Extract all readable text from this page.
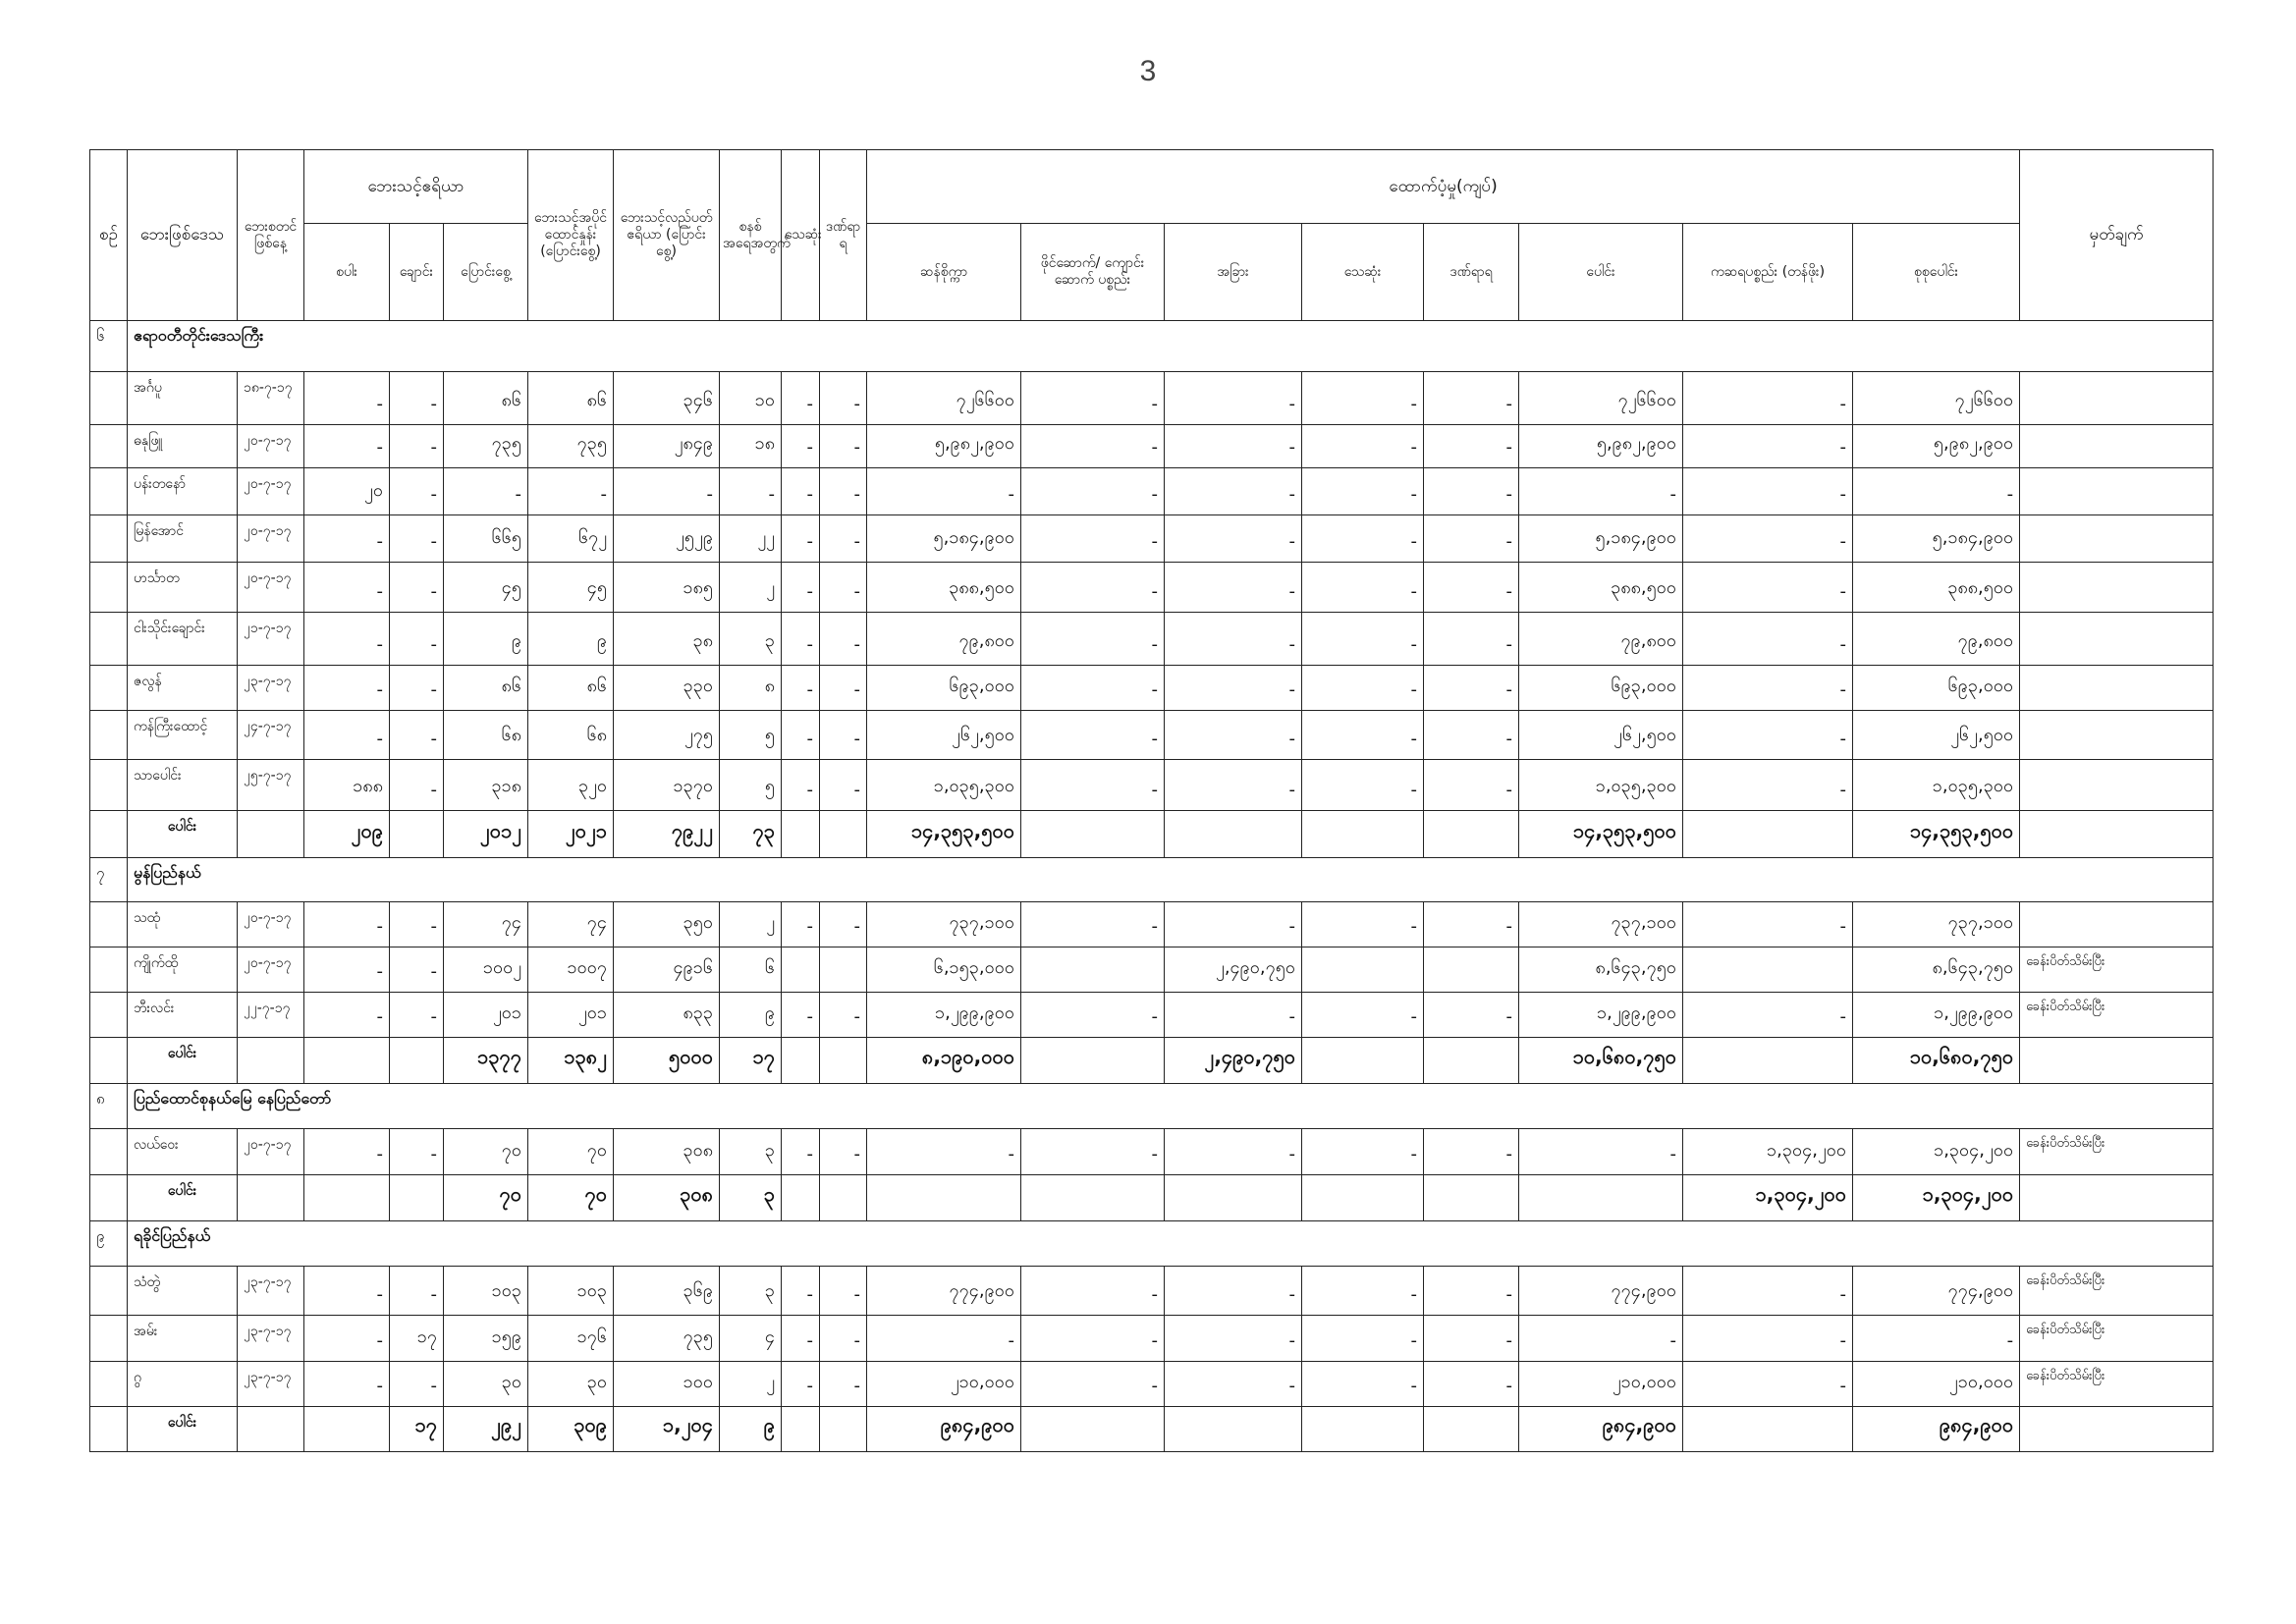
3
စဉ်	ဘေးဖြစ်ဒေသ	ဘေးစတင်ဖြစ်နေ့	ဘေးသင့်ဧရိယာ			ဘေးသင့်အပိုင်ထောင်နှုန်း (ပြောင်းစွေ့)	ဘေးသင့်လည်ပတ်ဧရိယာ (ပြောင်းစွေ့)	စနစ်အရေအတွက်	သေဆုံး	ဒဏ်ရာရ	ထောက်ပံ့မှု(ကျပ်)								မှတ်ချက်
			စပါး	ချောင်း	ပြောင်းစွေ့						ဆန်စိုက္ကာ	ဖိုင်ဆောက်/ ကျောင်းဆောက် ပစ္စည်း	အခြား	သေဆုံး	ဒဏ်ရာရ	ပေါင်း	ကဆရပစ္စည်း (တန်ဖိုး)	စုစုပေါင်း	
၆	ဧရာဝတီတိုင်းဒေသကြီး																		
	အင်္ဂပူ	၁၈-၇-၁၇	-	-	၈၆	၈၆	၃၄၆	၁၀	-	-	၇၂၆၆၀၀	-	-	-	-	၇၂၆၆၀၀	-	၇၂၆၆၀၀	
	ဓနုဖြူ	၂၀-၇-၁၇	-	-	၇၃၅	၇၃၅	၂၈၄၉	၁၈	-	-	၅,၉၈၂,၉၀၀	-	-	-	-	၅,၉၈၂,၉၀၀	-	၅,၉၈၂,၉၀၀	
	ပန်းတနော်	၂၀-၇-၁၇	၂၀	-	-	-	-	-	-	-	-	-	-	-	-	-	-	-	
	မြန်အောင်	၂၀-၇-၁၇	-	-	၆၆၅	၆၇၂	၂၅၂၉	၂၂	-	-	၅,၁၈၄,၉၀၀	-	-	-	-	၅,၁၈၄,၉၀၀	-	၅,၁၈၄,၉၀၀	
	ဟင်္သာတ	၂၀-၇-၁၇	-	-	၄၅	၄၅	၁၈၅	၂	-	-	၃၈၈,၅၀၀	-	-	-	-	၃၈၈,၅၀၀	-	၃၈၈,၅၀၀	
	ငါးသိုင်းချောင်း	၂၁-၇-၁၇	-	-	၉	၉	၃၈	၃	-	-	၇၉,၈၀၀	-	-	-	-	၇၉,၈၀၀	-	၇၉,၈၀၀	
	ဇလွန်	၂၃-၇-၁၇	-	-	၈၆	၈၆	၃၃၀	၈	-	-	၆၉၃,၀၀၀	-	-	-	-	၆၉၃,၀၀၀	-	၆၉၃,၀၀၀	
	ကန်ကြီးထောင့်	၂၄-၇-၁၇	-	-	၆၈	၆၈	၂၇၅	၅	-	-	၂၆၂,၅၀၀	-	-	-	-	၂၆၂,၅၀၀	-	၂၆၂,၅၀၀	
	သာပေါင်း	၂၅-၇-၁၇	၁၈၈	-	၃၁၈	၃၂၀	၁၃၇၀	၅	-	-	၁,၀၃၅,၃၀၀	-	-	-	-	၁,၀၃၅,၃၀၀	-	၁,၀၃၅,၃၀၀	
	ပေါင်း		၂၀၉		၂၀၁၂	၂၀၂၁	၇၉၂၂	၇၃			၁၄,၃၅၃,၅၀၀					၁၄,၃၅၃,၅၀၀		၁၄,၃၅၃,၅၀၀	
၇	မွန်ပြည်နယ်																		
	သထုံ	၂၀-၇-၁၇	-	-	၇၄	၇၄	၃၅၀	၂	-	-	၇၃၇,၁၀၀	-	-	-	-	၇၃၇,၁၀၀	-	၇၃၇,၁၀၀	
	ကျိုက်ထို	၂၀-၇-၁၇	-	-	၁၀၀၂	၁၀၀၇	၄၉၁၆	၆			၆,၁၅၃,၀၀၀		၂,၄၉၀,၇၅၀			၈,၆၄၃,၇၅၀		၈,၆၄၃,၇၅၀	ခေန်းပိတ်သိမ်းပြီး
	ဘီးလင်း	၂၂-၇-၁၇	-	-	၂၀၁	၂၀၁	၈၃၃	၉	-	-	၁,၂၉၉,၉၀၀	-	-	-	-	၁,၂၉၉,၉၀၀	-	၁,၂၉၉,၉၀၀	ခေန်းပိတ်သိမ်းပြီး
	ပေါင်း				၁၃၇၇	၁၃၈၂	၅၀၀၀	၁၇			၈,၁၉၀,၀၀၀		၂,၄၉၀,၇၅၀			၁၀,၆၈၀,၇၅၀		၁၀,၆၈၀,၇၅၀	
၈	ပြည်ထောင်စုနယ်မြေ နေပြည်တော်																		
	လယ်ဝေး	၂၀-၇-၁၇	-	-	၇၀	၇၀	၃၀၈	၃	-	-	-	-	-	-	-	-	၁,၃၀၄,၂၀၀	၁,၃၀၄,၂၀၀	ခေန်းပိတ်သိမ်းပြီး
	ပေါင်း				၇၀	၇၀	၃၀၈	၃									၁,၃၀၄,၂၀၀	၁,၃၀၄,၂၀၀	
၉	ရခိုင်ပြည်နယ်																		
	သံတွဲ	၂၃-၇-၁၇	-	-	၁၀၃	၁၀၃	၃၆၉	၃	-	-	၇၇၄,၉၀၀	-	-	-	-	၇၇၄,၉၀၀	-	၇၇၄,၉၀၀	ခေန်းပိတ်သိမ်းပြီး
	အမ်း	၂၃-၇-၁၇	-	၁၇	၁၅၉	၁၇၆	၇၃၅	၄	-	-	-	-	-	-	-	-	-	-	ခေန်းပိတ်သိမ်းပြီး
	ဂွ	၂၃-၇-၁၇	-	-	၃၀	၃၀	၁၀၀	၂	-	-	၂၁၀,၀၀၀	-	-	-	-	၂၁၀,၀၀၀	-	၂၁၀,၀၀၀	ခေန်းပိတ်သိမ်းပြီး
	ပေါင်း			၁၇	၂၉၂	၃၀၉	၁,၂၀၄	၉			၉၈၄,၉၀၀					၉၈၄,၉၀၀		၉၈၄,၉၀၀	
